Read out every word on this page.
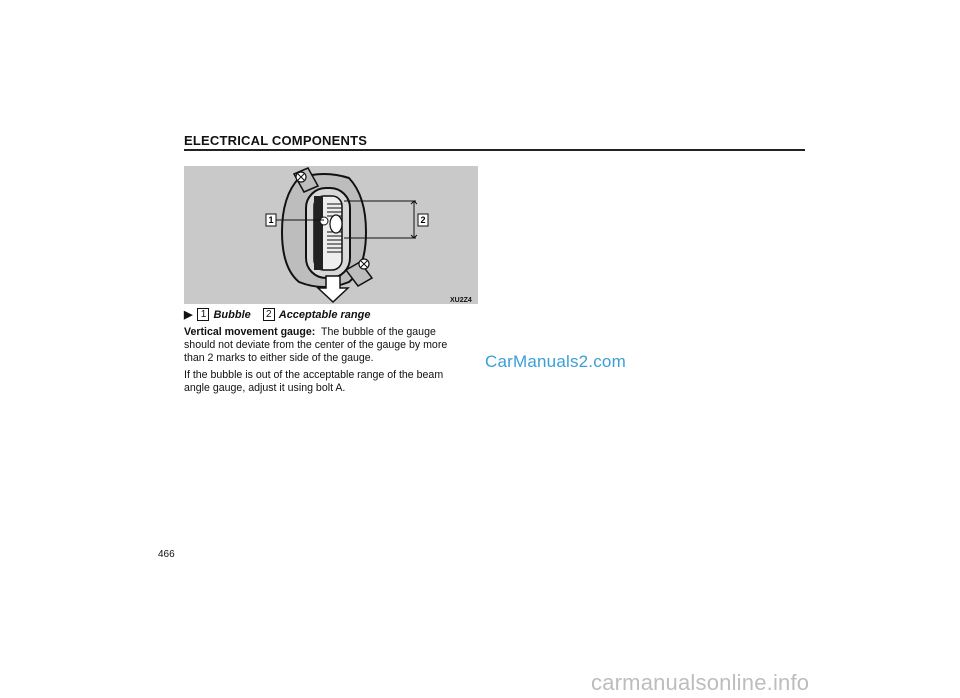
ELECTRICAL COMPONENTS
1	2
XU2Z4
▶ 1 Bubble	2 Acceptable range
Vertical movement gauge: The bubble of the gauge should not deviate from the center of the gauge by more than 2 marks to either side of the gauge.
If the bubble is out of the acceptable range of the beam angle gauge, adjust it using bolt A.
CarManuals2.com
466
carmanualsonline.info
